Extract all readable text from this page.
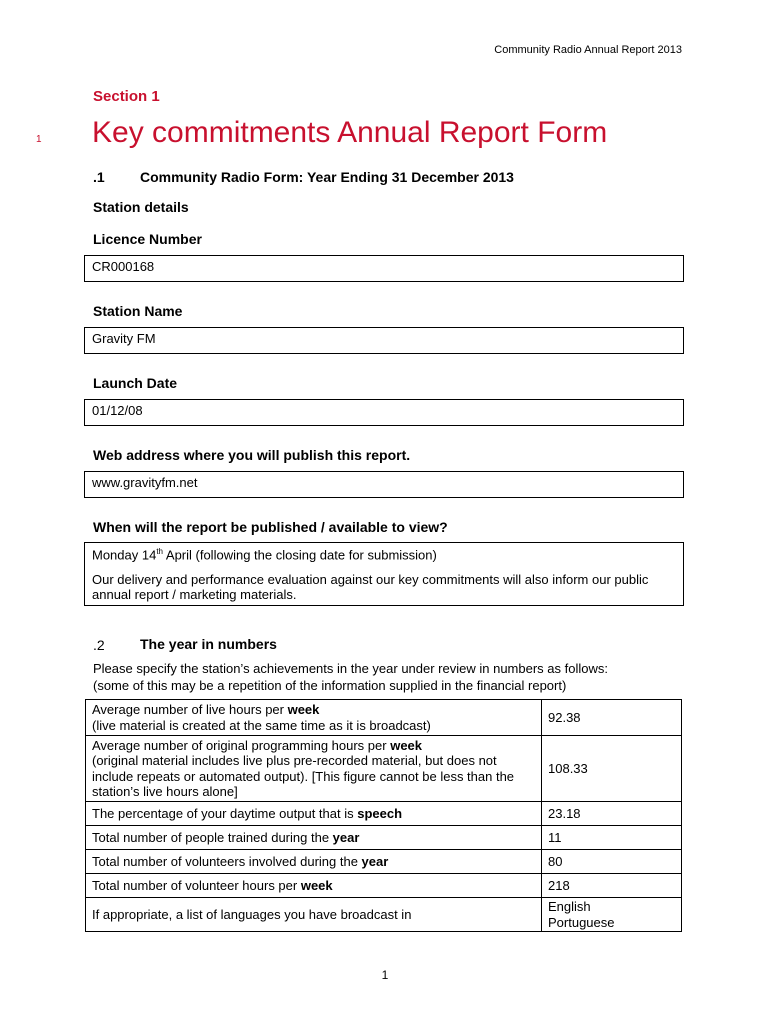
Community Radio Annual Report 2013
Section 1
1 Key commitments Annual Report Form
.1	Community Radio Form: Year Ending 31 December 2013
Station details
Licence Number
CR000168
Station Name
Gravity FM
Launch Date
01/12/08
Web address where you will publish this report.
www.gravityfm.net
When will the report be published / available to view?
Monday 14th April (following the closing date for submission)
Our delivery and performance evaluation against our key commitments will also inform our public annual report / marketing materials.
.2	The year in numbers
Please specify the station’s achievements in the year under review in numbers as follows:
(some of this may be a repetition of the information supplied in the financial report)
Average number of live hours per week
(live material is created at the same time as it is broadcast)	92.38
Average number of original programming hours per week
(original material includes live plus pre-recorded material, but does not include repeats or automated output). [This figure cannot be less than the station’s live hours alone]	108.33
The percentage of your daytime output that is speech	23.18
Total number of people trained during the year	11
Total number of volunteers involved during the year	80
Total number of volunteer hours per week	218
If appropriate, a list of languages you have broadcast in	English
Portuguese
1
